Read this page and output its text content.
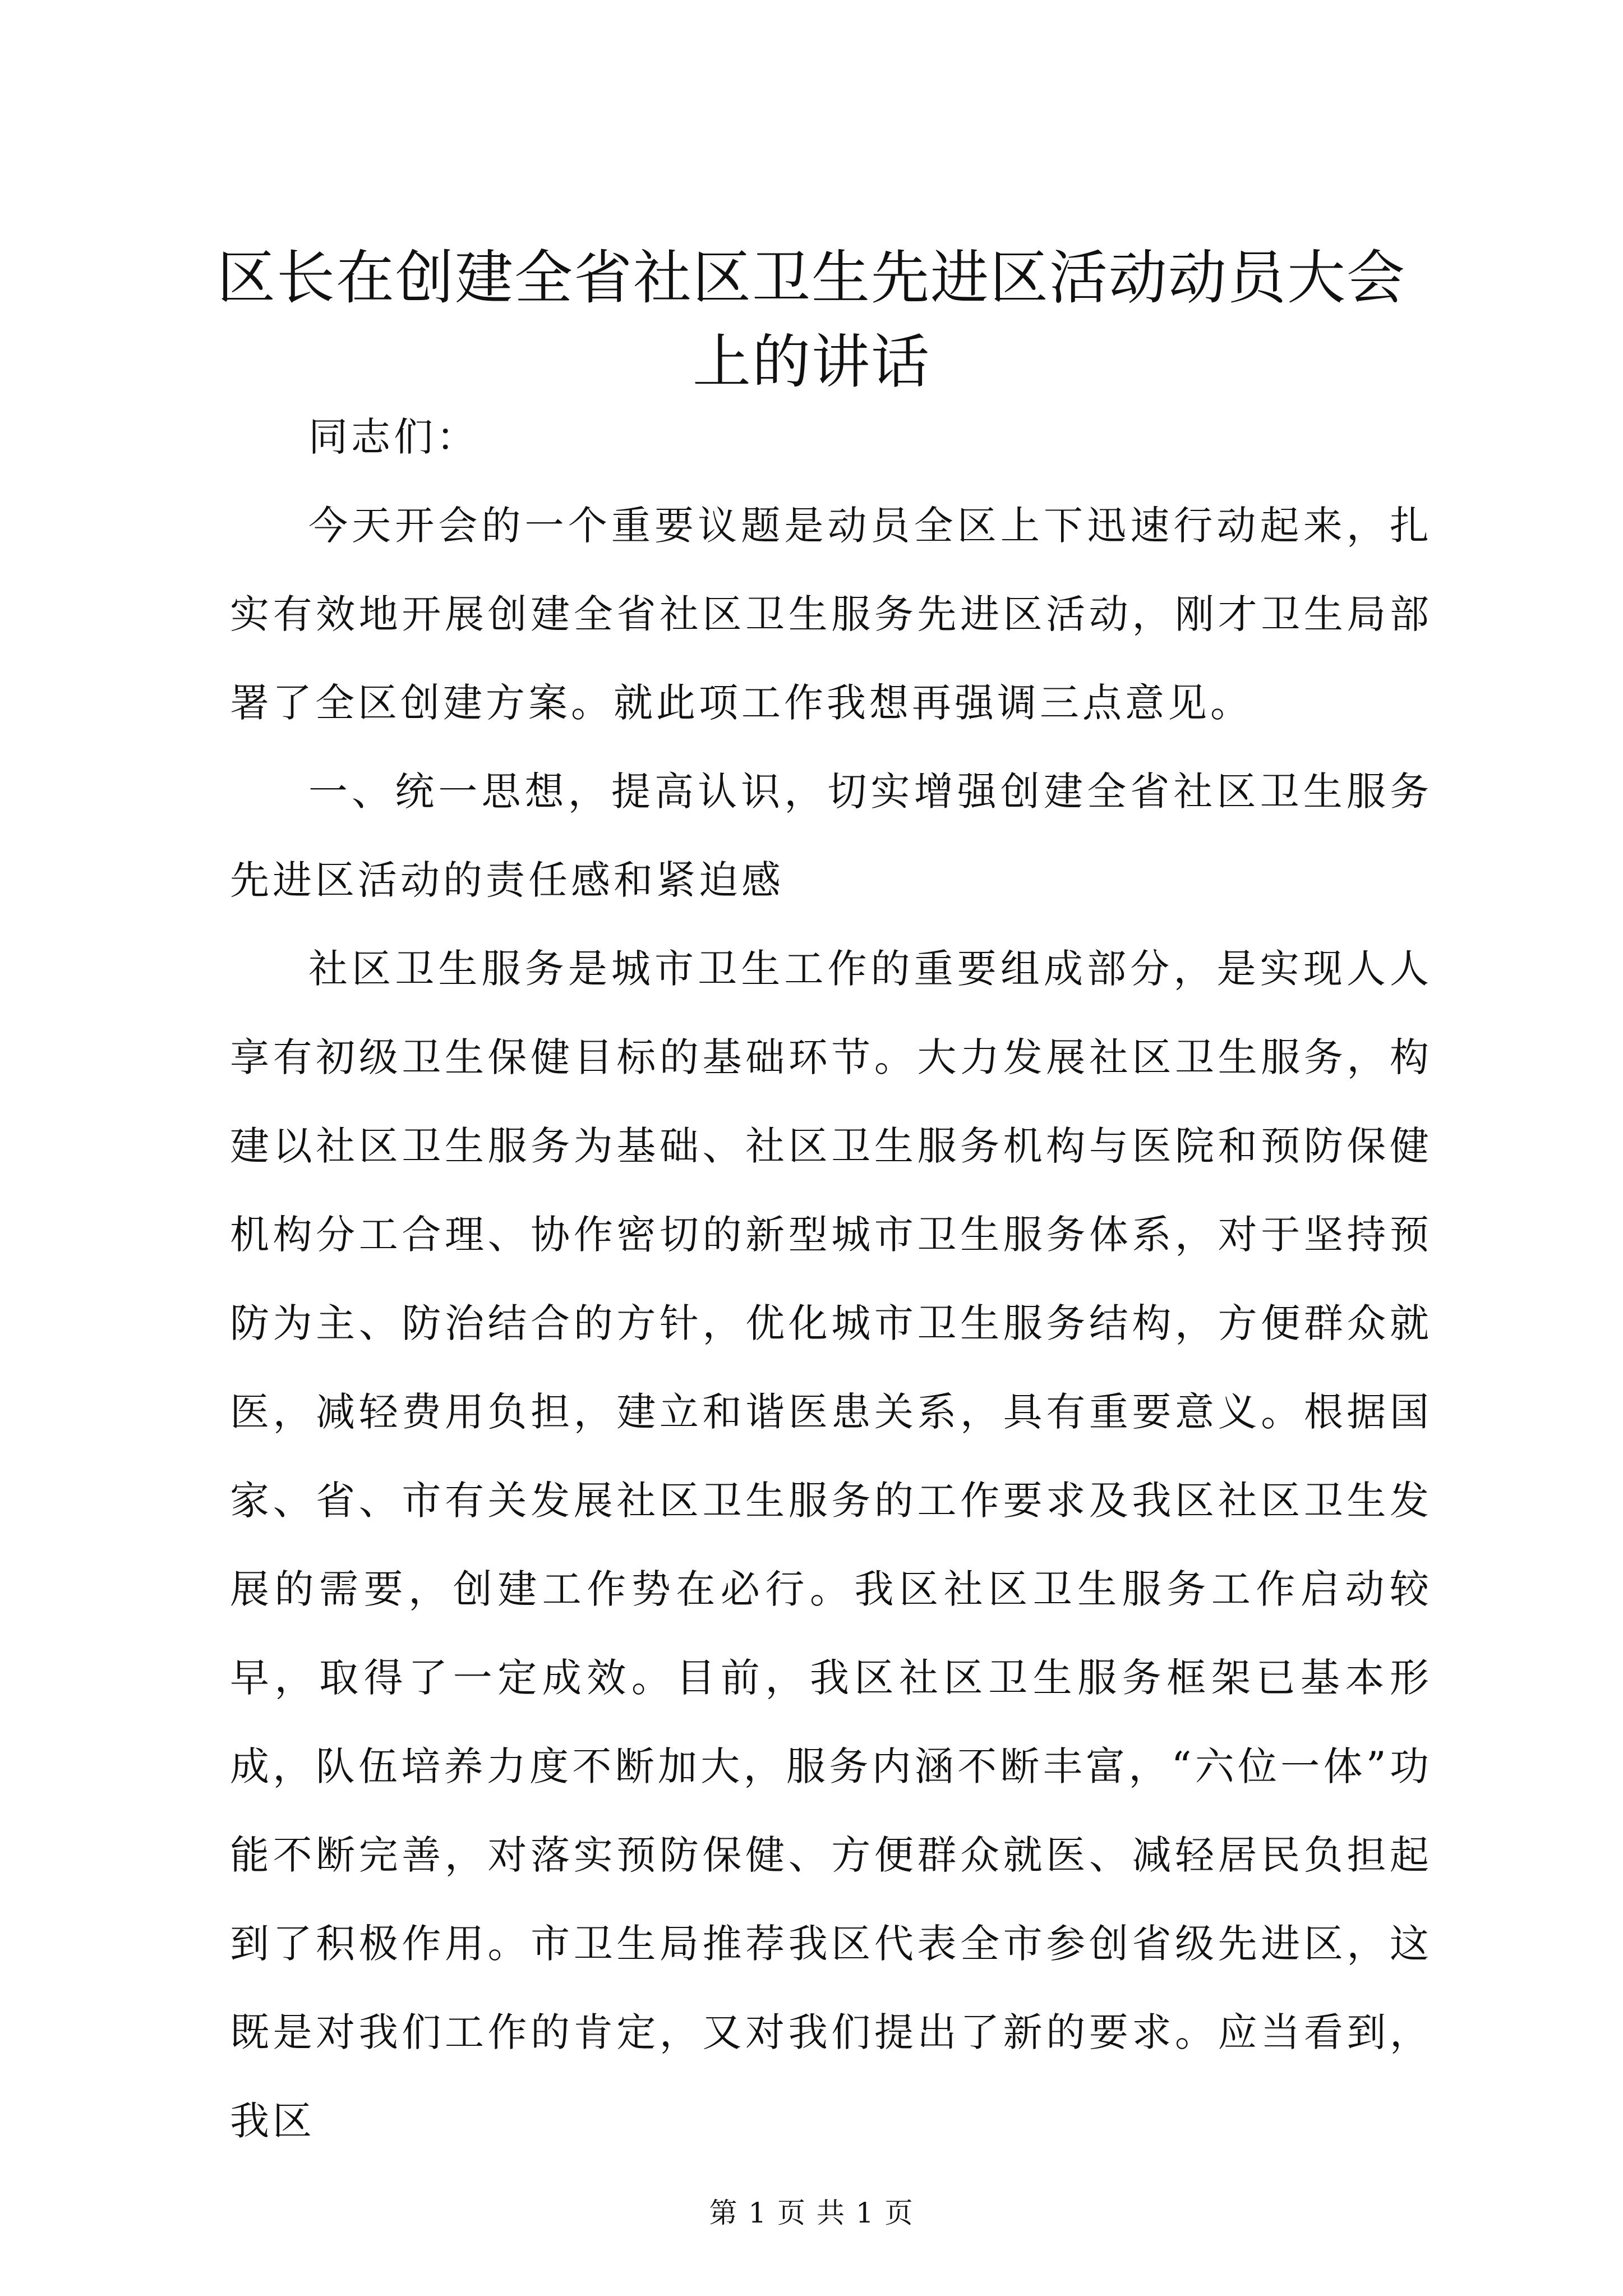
区长在创建全省社区卫生先进区活动动员大会上的讲话

同志们：

今天开会的一个重要议题是动员全区上下迅速行动起来，扎实有效地开展创建全省社区卫生服务先进区活动，刚才卫生局部署了全区创建方案。就此项工作我想再强调三点意见。

一、统一思想，提高认识，切实增强创建全省社区卫生服务先进区活动的责任感和紧迫感

社区卫生服务是城市卫生工作的重要组成部分，是实现人人享有初级卫生保健目标的基础环节。大力发展社区卫生服务，构建以社区卫生服务为基础、社区卫生服务机构与医院和预防保健机构分工合理、协作密切的新型城市卫生服务体系，对于坚持预防为主、防治结合的方针，优化城市卫生服务结构，方便群众就医，减轻费用负担，建立和谐医患关系，具有重要意义。根据国家、省、市有关发展社区卫生服务的工作要求及我区社区卫生发展的需要，创建工作势在必行。我区社区卫生服务工作启动较早，取得了一定成效。目前，我区社区卫生服务框架已基本形成，队伍培养力度不断加大，服务内涵不断丰富，“六位一体”功能不断完善，对落实预防保健、方便群众就医、减轻居民负担起到了积极作用。市卫生局推荐我区代表全市参创省级先进区，这既是对我们工作的肯定，又对我们提出了新的要求。应当看到，我区

第 1 页 共 1 页
